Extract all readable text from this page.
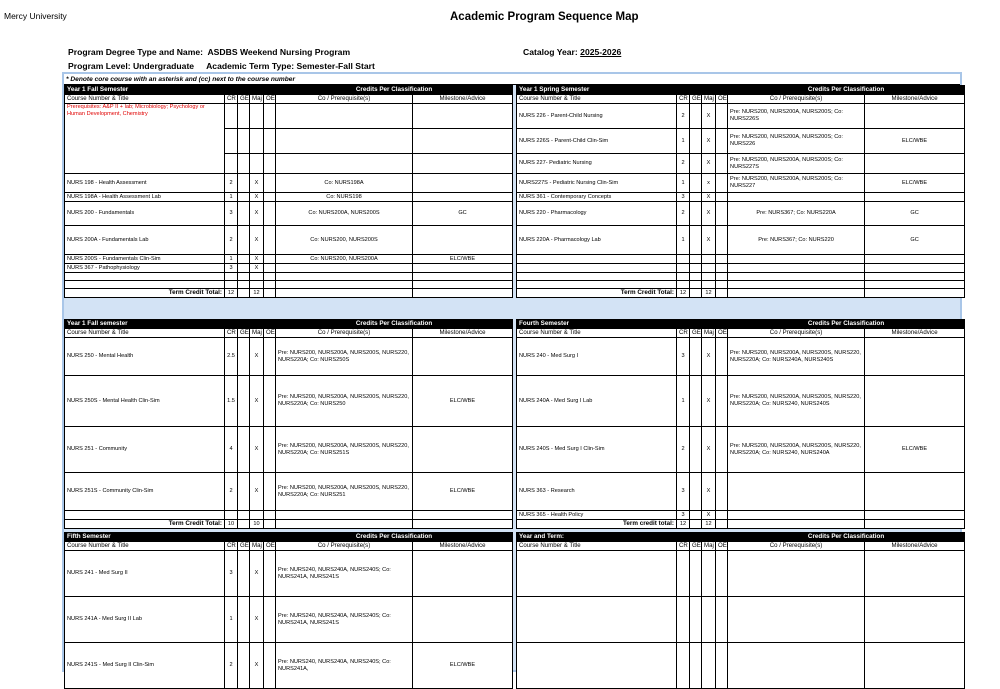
Mercy University	Academic Program Sequence Map
Program Degree Type and Name: ASDBS Weekend Nursing Program	Catalog Year: 2025-2026
Program Level: Undergraduate Academic Term Type: Semester-Fall Start
* Denote core course with an asterisk and (cc) next to the course number
Year 1 Fall Semester					Credits Per Classification	
Course Number & Title	CR	GE	Maj	OE	Co / Prerequisite(s)	Milestone/Advice
Prerequisites: A&P II + lab; Microbiology; Psychology or Human Development, Chemistry						

NURS 198 - Health Assessment	2		X		Co: NURS198A	
NURS 198A - Health Assessment Lab	1		X		Co: NURS198	
NURS 200 - Fundamentals	3		X		Co: NURS200A, NURS200S	GC
NURS 200A - Fundamentals Lab	2		X		Co: NURS200, NURS200S	
NURS 200S - Fundamentals Clin-Sim	1		X		Co: NURS200, NURS200A	ELC/WBE
NURS 367 - Pathophysiology	3		X			

Term Credit Total:	12		12			
Year 1 Spring Semester					Credits Per Classification	
Course Number & Title	CR	GE	Maj	OE	Co / Prerequisite(s)	Milestone/Advice
NURS 226 - Parent-Child Nursing	2		X		Pre: NURS200, NURS200A, NURS200S; Co: NURS226S	
NURS 226S - Parent-Child Clin-Sim	1		X		Pre: NURS200, NURS200A, NURS200S; Co: NURS226	ELC/WBE
NURS 227- Pediatric Nursing	2		X		Pre: NURS200, NURS200A, NURS200S; Co: NURS227S	
NURS227S - Pediatric Nursing Clin-Sim	1		x		Pre: NURS200, NURS200A, NURS200S; Co: NURS227	ELC/WBE
NURS 361 - Contemporary Concepts	3		X			
NURS 220 - Pharmacology	2		X		Pre: NURS367; Co: NURS220A	GC
NURS 220A - Pharmacology Lab	1		X		Pre: NURS367; Co: NURS220	GC

Term Credit Total:	12		12			
Year 1 Fall semester					Credits Per Classification	
Course Number & Title	CR	GE	Maj	OE	Co / Prerequisite(s)	Milestone/Advice
NURS 250 - Mental Health	2.5		X		Pre: NURS200, NURS200A, NURS200S, NURS220, NURS220A; Co: NURS250S	
NURS 250S - Mental Health Clin-Sim	1.5		X		Pre: NURS200, NURS200A, NURS200S, NURS220, NURS220A; Co: NURS250	ELC/WBE
NURS 251 - Community	4		X		Pre: NURS200, NURS200A, NURS200S, NURS220, NURS220A; Co: NURS251S	
NURS 251S - Community Clin-Sim	2		X		Pre: NURS200, NURS200A, NURS200S, NURS220, NURS220A; Co: NURS251	ELC/WBE

Term Credit Total:	10		10			
Fourth Semester					Credits Per Classification	
Course Number & Title	CR	GE	Maj	OE	Co / Prerequisite(s)	Milestone/Advice
NURS 240 - Med Surg I	3		X		Pre: NURS200, NURS200A, NURS200S, NURS220, NURS220A; Co: NURS240A, NURS240S	
NURS 240A - Med Surg I Lab	1		X		Pre: NURS200, NURS200A, NURS200S, NURS220, NURS220A; Co: NURS240, NURS240S	
NURS 240S - Med Surg I Clin-Sim	2		X		Pre: NURS200, NURS200A, NURS200S, NURS220, NURS220A; Co: NURS240, NURS240A	ELC/WBE
NURS 363 - Research	3		X			
NURS 365 - Health Policy	3		X			
Term credit total:	12		12			
Fifth Semester					Credits Per Classification	
Course Number & Title	CR	GE	Maj	OE	Co / Prerequisite(s)	Milestone/Advice
NURS 241 - Med Surg II	3		X		Pre: NURS240, NURS240A, NURS240S; Co: NURS241A, NURS241S	
NURS 241A - Med Surg II Lab	1		X		Pre: NURS240, NURS240A, NURS240S; Co: NURS241A, NURS241S	
NURS 241S - Med Surg II Clin-Sim	2		X		Pre: NURS240, NURS240A, NURS240S; Co: NURS241A,	ELC/WBE
Year and Term:					Credits Per Classification	
Course Number & Title	CR	GE	Maj	OE	Co / Prerequisite(s)	Milestone/Advice
